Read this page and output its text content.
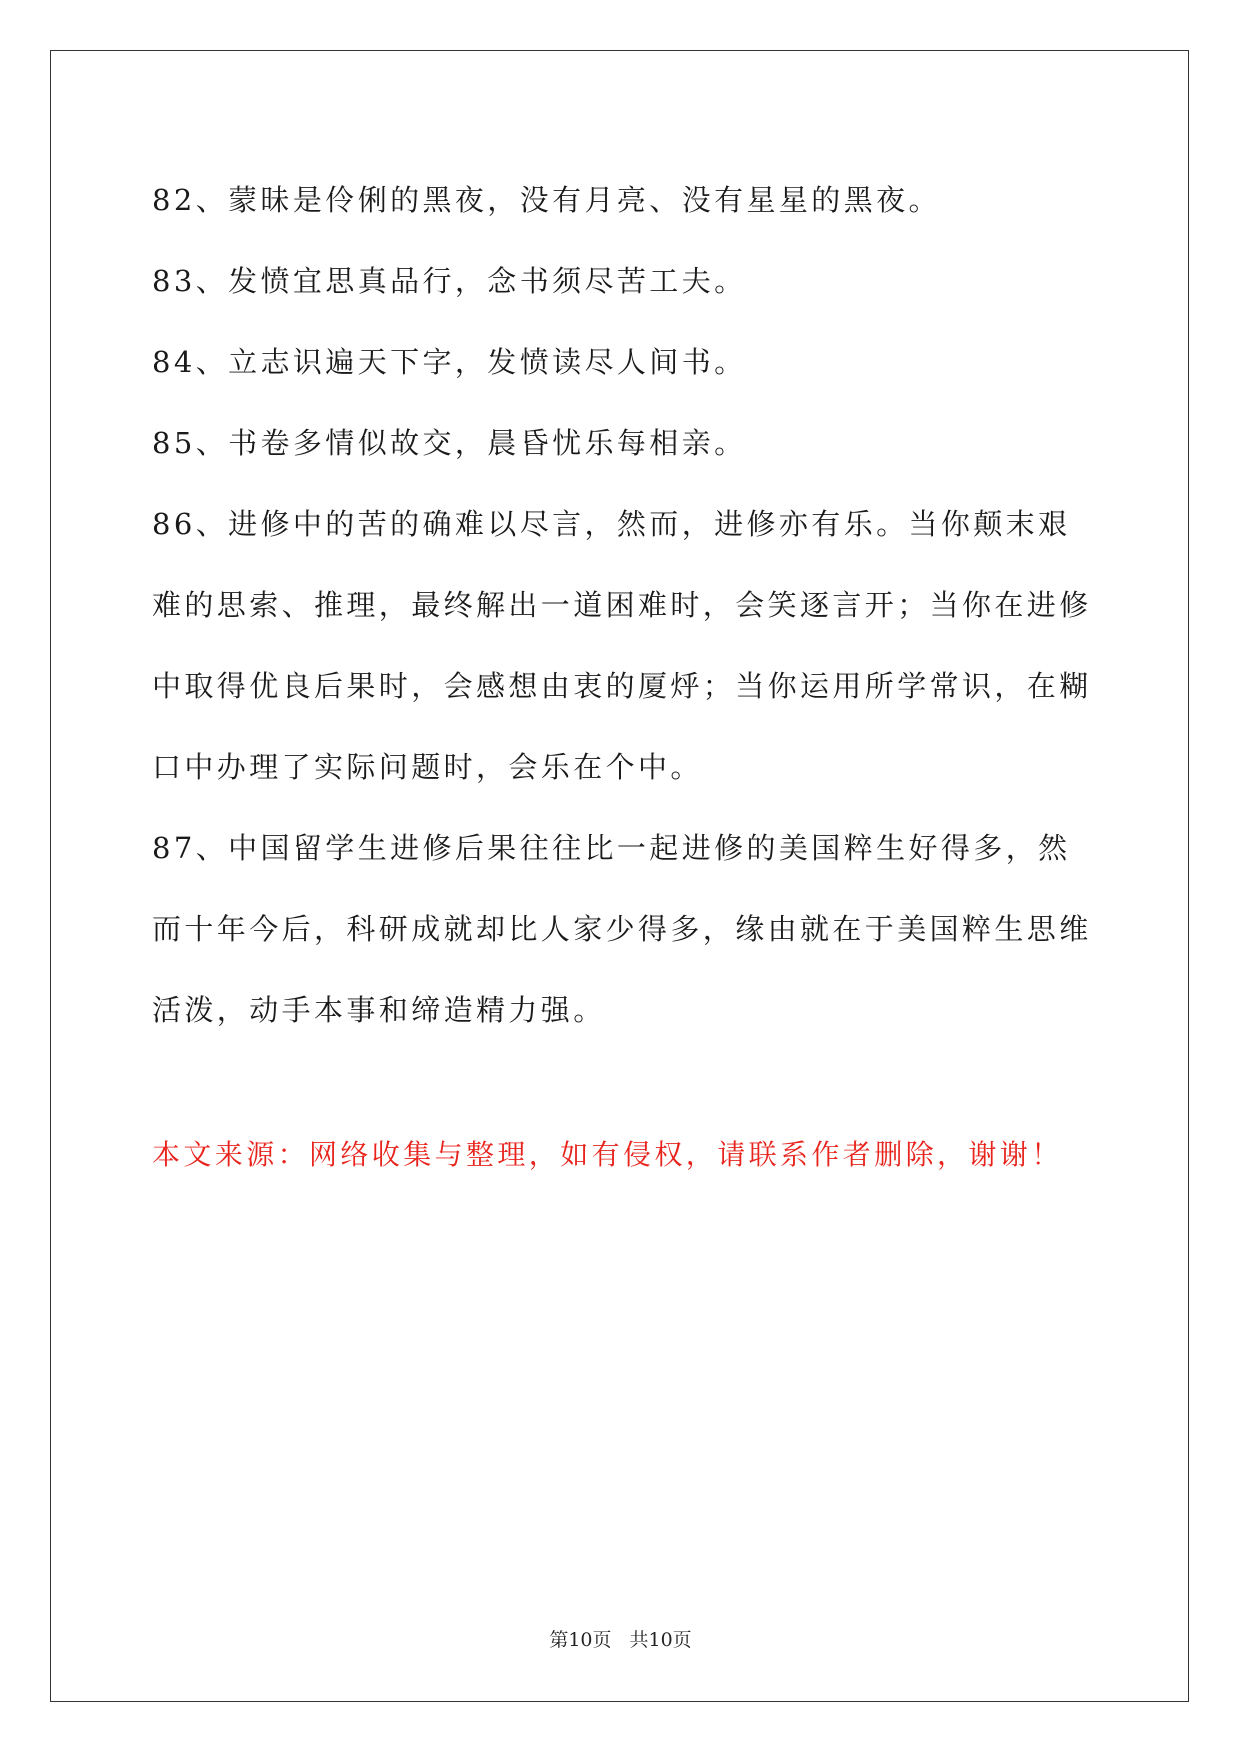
82、蒙昧是伶俐的黑夜，没有月亮、没有星星的黑夜。

83、发愤宜思真品行，念书须尽苦工夫。

84、立志识遍天下字，发愤读尽人间书。

85、书卷多情似故交，晨昏忧乐每相亲。

86、进修中的苦的确难以尽言，然而，进修亦有乐。当你颠末艰难的思索、推理，最终解出一道困难时，会笑逐言开；当你在进修中取得优良后果时，会感想由衷的厦烀；当你运用所学常识，在糊口中办理了实际问题时，会乐在个中。

87、中国留学生进修后果往往比一起进修的美国粹生好得多，然而十年今后，科研成就却比人家少得多，缘由就在于美国粹生思维活泼，动手本事和缔造精力强。

本文来源：网络收集与整理，如有侵权，请联系作者删除，谢谢！

第10页 共10页
